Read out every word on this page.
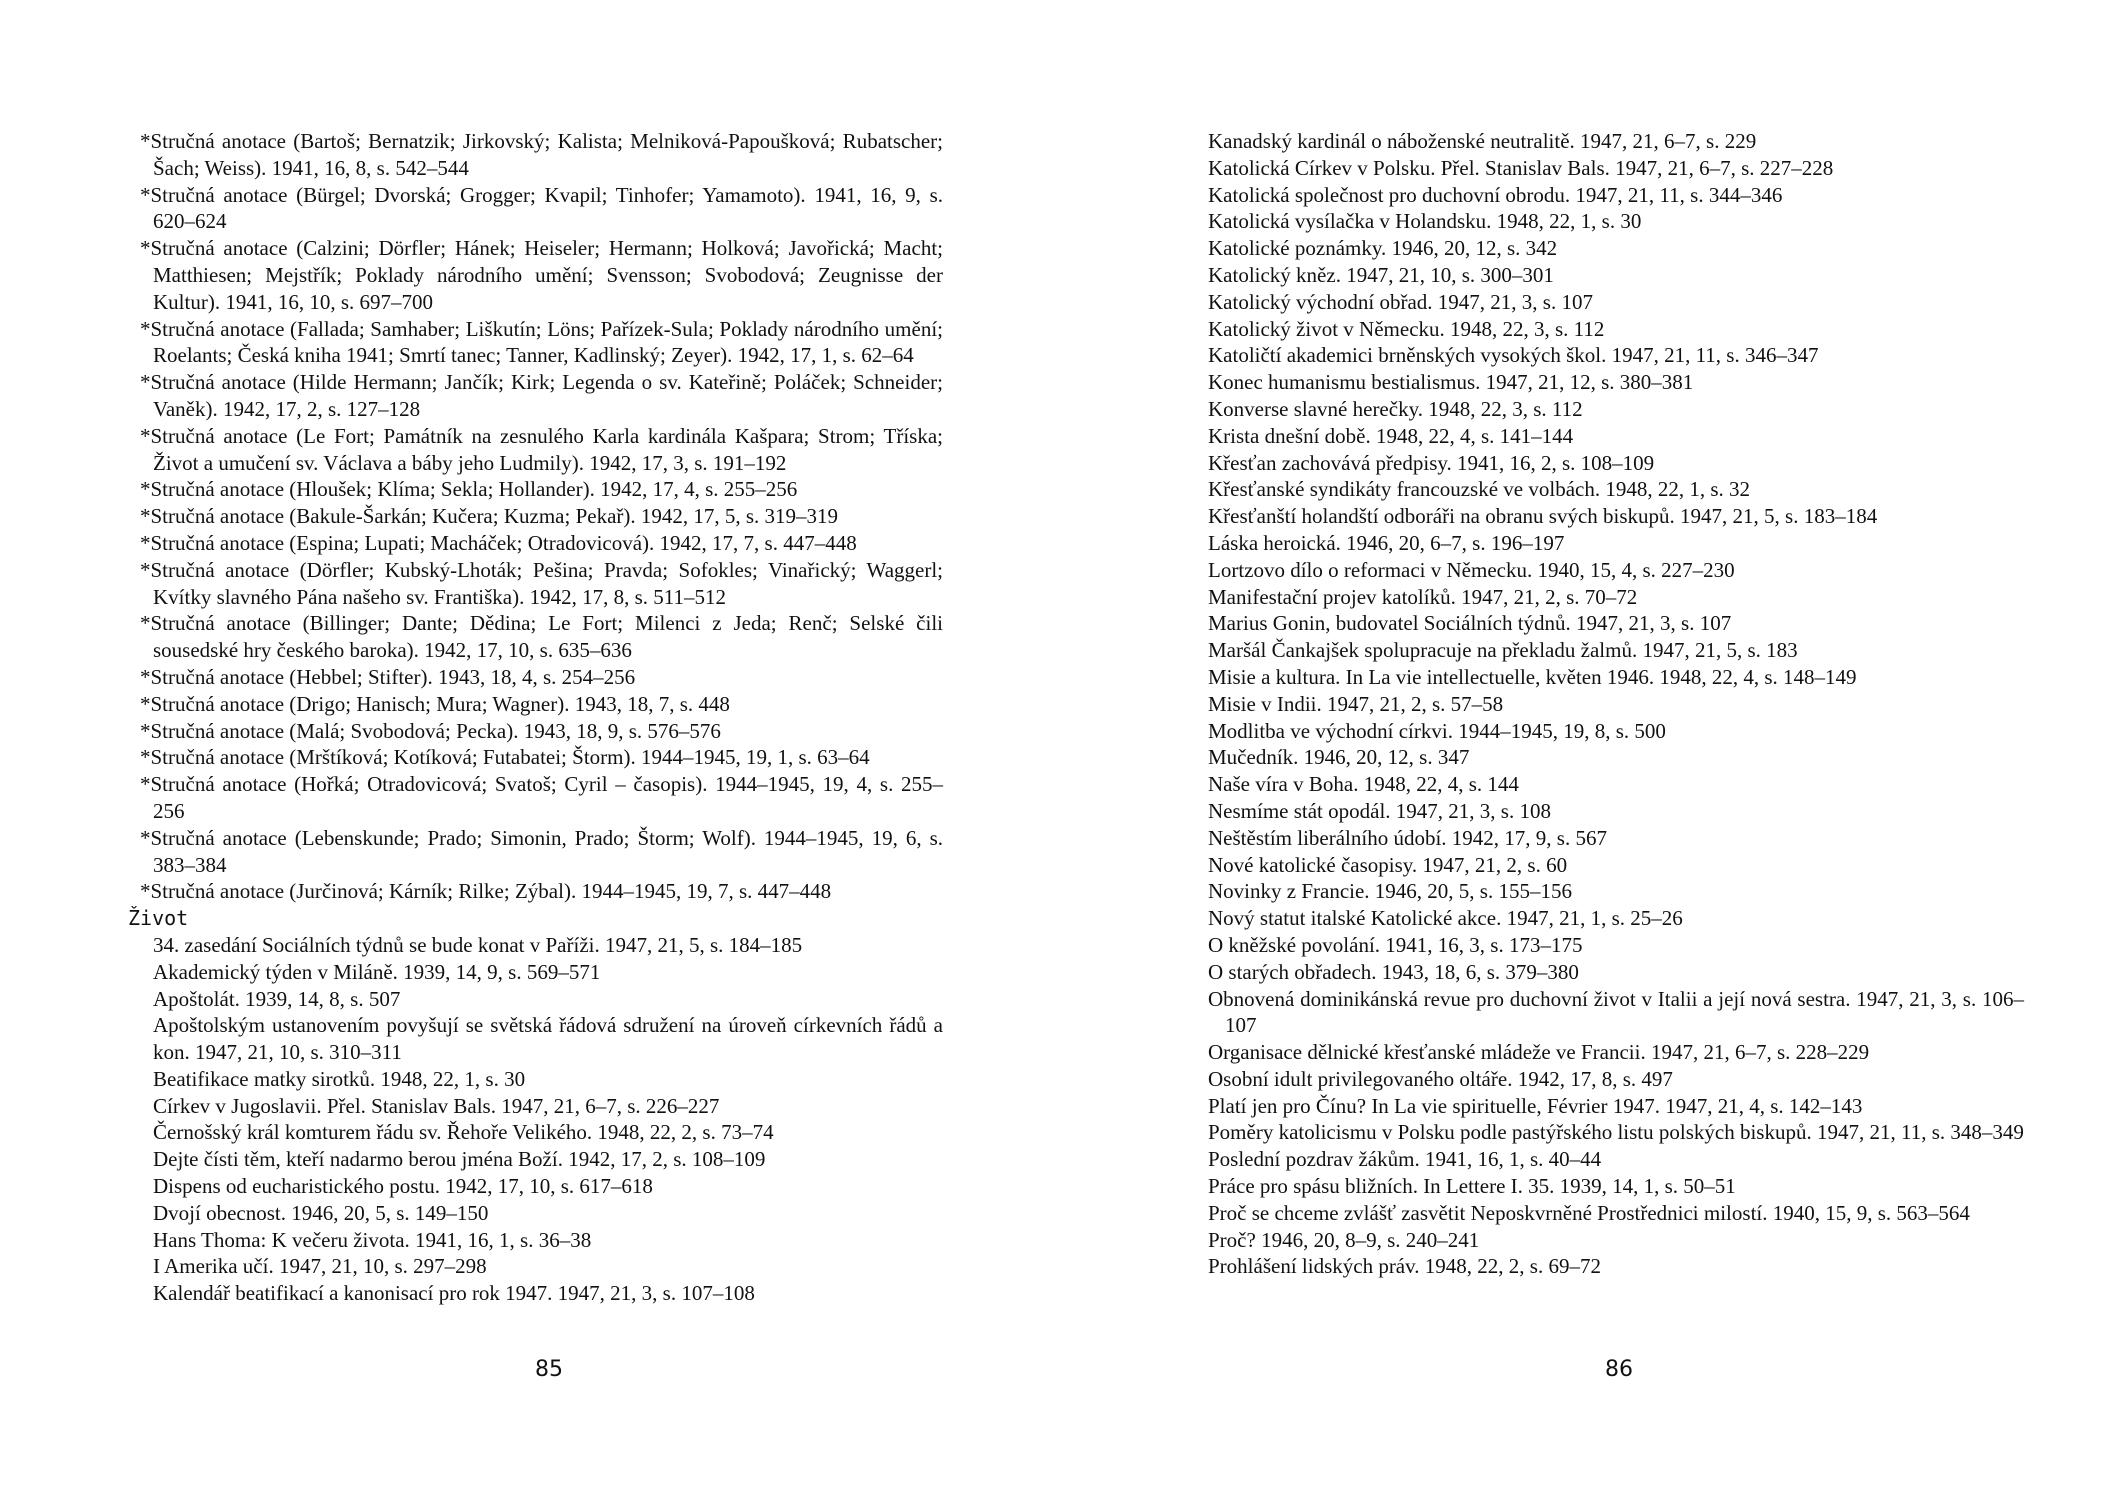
*Stručná anotace (Bartoš; Bernatzik; Jirkovský; Kalista; Melniková-Papoušková; Rubatscher; Šach; Weiss). 1941, 16, 8, s. 542–544
*Stručná anotace (Bürgel; Dvorská; Grogger; Kvapil; Tinhofer; Yamamoto). 1941, 16, 9, s. 620–624
*Stručná anotace (Calzini; Dörfler; Hánek; Heiseler; Hermann; Holková; Javořická; Macht; Matthiesen; Mejstřík; Poklady národního umění; Svensson; Svobodová; Zeugnisse der Kultur). 1941, 16, 10, s. 697–700
*Stručná anotace (Fallada; Samhaber; Liškutín; Löns; Pařízek-Sula; Poklady národního umění; Roelants; Česká kniha 1941; Smrtí tanec; Tanner, Kadlinský; Zeyer). 1942, 17, 1, s. 62–64
*Stručná anotace (Hilde Hermann; Jančík; Kirk; Legenda o sv. Kateřině; Poláček; Schneider; Vaněk). 1942, 17, 2, s. 127–128
*Stručná anotace (Le Fort; Památník na zesnulého Karla kardinála Kašpara; Strom; Tříska; Život a umučení sv. Václava a báby jeho Ludmily). 1942, 17, 3, s. 191–192
*Stručná anotace (Hloušek; Klíma; Sekla; Hollander). 1942, 17, 4, s. 255–256
*Stručná anotace (Bakule-Šarkán; Kučera; Kuzma; Pekař). 1942, 17, 5, s. 319–319
*Stručná anotace (Espina; Lupati; Macháček; Otradovicová). 1942, 17, 7, s. 447–448
*Stručná anotace (Dörfler; Kubský-Lhoták; Pešina; Pravda; Sofokles; Vinařický; Waggerl; Kvítky slavného Pána našeho sv. Františka). 1942, 17, 8, s. 511–512
*Stručná anotace (Billinger; Dante; Dědina; Le Fort; Milenci z Jeda; Renč; Selské čili sousedské hry českého baroka). 1942, 17, 10, s. 635–636
*Stručná anotace (Hebbel; Stifter). 1943, 18, 4, s. 254–256
*Stručná anotace (Drigo; Hanisch; Mura; Wagner). 1943, 18, 7, s. 448
*Stručná anotace (Malá; Svobodová; Pecka). 1943, 18, 9, s. 576–576
*Stručná anotace (Mrštíková; Kotíková; Futabatei; Štorm). 1944–1945, 19, 1, s. 63–64
*Stručná anotace (Hořká; Otradovicová; Svatoš; Cyril – časopis). 1944–1945, 19, 4, s. 255–256
*Stručná anotace (Lebenskunde; Prado; Simonin, Prado; Štorm; Wolf). 1944–1945, 19, 6, s. 383–384
*Stručná anotace (Jurčinová; Kárník; Rilke; Zýbal). 1944–1945, 19, 7, s. 447–448
Život
34. zasedání Sociálních týdnů se bude konat v Paříži. 1947, 21, 5, s. 184–185
Akademický týden v Miláně. 1939, 14, 9, s. 569–571
Apoštolát. 1939, 14, 8, s. 507
Apoštolským ustanovením povyšují se světská řádová sdružení na úroveň církevních řádů a kon. 1947, 21, 10, s. 310–311
Beatifikace matky sirotků. 1948, 22, 1, s. 30
Církev v Jugoslavii. Přel. Stanislav Bals. 1947, 21, 6–7, s. 226–227
Černošský král komturem řádu sv. Řehoře Velikého. 1948, 22, 2, s. 73–74
Dejte čísti těm, kteří nadarmo berou jména Boží. 1942, 17, 2, s. 108–109
Dispens od eucharistického postu. 1942, 17, 10, s. 617–618
Dvojí obecnost. 1946, 20, 5, s. 149–150
Hans Thoma: K večeru života. 1941, 16, 1, s. 36–38
I Amerika učí. 1947, 21, 10, s. 297–298
Kalendář beatifikací a kanonisací pro rok 1947. 1947, 21, 3, s. 107–108
85
Kanadský kardinál o náboženské neutralitě. 1947, 21, 6–7, s. 229
Katolická Církev v Polsku. Přel. Stanislav Bals. 1947, 21, 6–7, s. 227–228
Katolická společnost pro duchovní obrodu. 1947, 21, 11, s. 344–346
Katolická vysílačka v Holandsku. 1948, 22, 1, s. 30
Katolické poznámky. 1946, 20, 12, s. 342
Katolický kněz. 1947, 21, 10, s. 300–301
Katolický východní obřad. 1947, 21, 3, s. 107
Katolický život v Německu. 1948, 22, 3, s. 112
Katoličtí akademici brněnských vysokých škol. 1947, 21, 11, s. 346–347
Konec humanismu bestialismus. 1947, 21, 12, s. 380–381
Konverse slavné herečky. 1948, 22, 3, s. 112
Krista dnešní době. 1948, 22, 4, s. 141–144
Křesťan zachovává předpisy. 1941, 16, 2, s. 108–109
Křesťanské syndikáty francouzské ve volbách. 1948, 22, 1, s. 32
Křesťanští holandští odboráři na obranu svých biskupů. 1947, 21, 5, s. 183–184
Láska heroická. 1946, 20, 6–7, s. 196–197
Lortzovo dílo o reformaci v Německu. 1940, 15, 4, s. 227–230
Manifestační projev katolíků. 1947, 21, 2, s. 70–72
Marius Gonin, budovatel Sociálních týdnů. 1947, 21, 3, s. 107
Maršál Čankajšek spolupracuje na překladu žalmů. 1947, 21, 5, s. 183
Misie a kultura. In La vie intellectuelle, květen 1946. 1948, 22, 4, s. 148–149
Misie v Indii. 1947, 21, 2, s. 57–58
Modlitba ve východní církvi. 1944–1945, 19, 8, s. 500
Mučedník. 1946, 20, 12, s. 347
Naše víra v Boha. 1948, 22, 4, s. 144
Nesmíme stát opodál. 1947, 21, 3, s. 108
Neštěstím liberálního údobí. 1942, 17, 9, s. 567
Nové katolické časopisy. 1947, 21, 2, s. 60
Novinky z Francie. 1946, 20, 5, s. 155–156
Nový statut italské Katolické akce. 1947, 21, 1, s. 25–26
O kněžské povolání. 1941, 16, 3, s. 173–175
O starých obřadech. 1943, 18, 6, s. 379–380
Obnovená dominikánská revue pro duchovní život v Italii a její nová sestra. 1947, 21, 3, s. 106–107
Organisace dělnické křesťanské mládeže ve Francii. 1947, 21, 6–7, s. 228–229
Osobní idult privilegovaného oltáře. 1942, 17, 8, s. 497
Platí jen pro Čínu? In La vie spirituelle, Février 1947. 1947, 21, 4, s. 142–143
Poměry katolicismu v Polsku podle pastýřského listu polských biskupů. 1947, 21, 11, s. 348–349
Poslední pozdrav žákům. 1941, 16, 1, s. 40–44
Práce pro spásu bližních. In Lettere I. 35. 1939, 14, 1, s. 50–51
Proč se chceme zvlášť zasvětit Neposkvrněné Prostřednici milostí. 1940, 15, 9, s. 563–564
Proč? 1946, 20, 8–9, s. 240–241
Prohlášení lidských práv. 1948, 22, 2, s. 69–72
86
